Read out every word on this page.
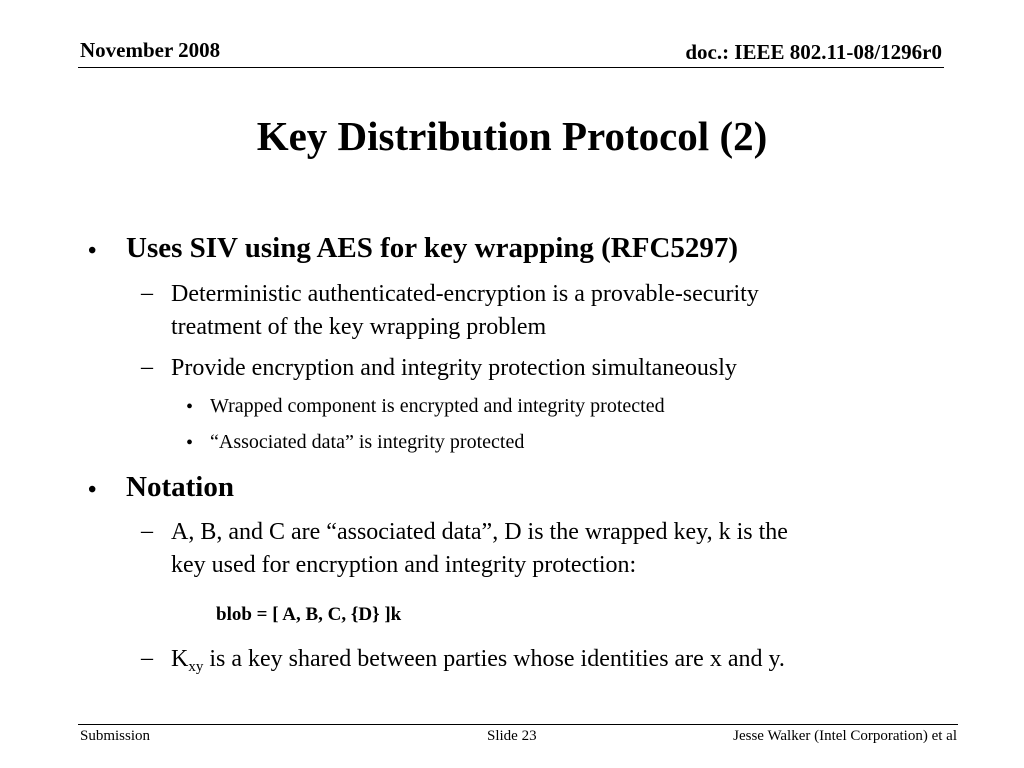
November 2008	doc.: IEEE 802.11-08/1296r0
Key Distribution Protocol (2)
• Uses SIV using AES for key wrapping (RFC5297)
– Deterministic authenticated-encryption is a provable-security
treatment of the key wrapping problem
– Provide encryption and integrity protection simultaneously
• Wrapped component is encrypted and integrity protected
• “Associated data” is integrity protected
• Notation
– A, B, and C are “associated data”, D is the wrapped key, k is the
key used for encryption and integrity protection:
blob = [ A, B, C, {D} ]k
– $K_{xy}$ is a key shared between parties whose identities are x and y.
Submission	Slide 23	Jesse Walker (Intel Corporation) et al
